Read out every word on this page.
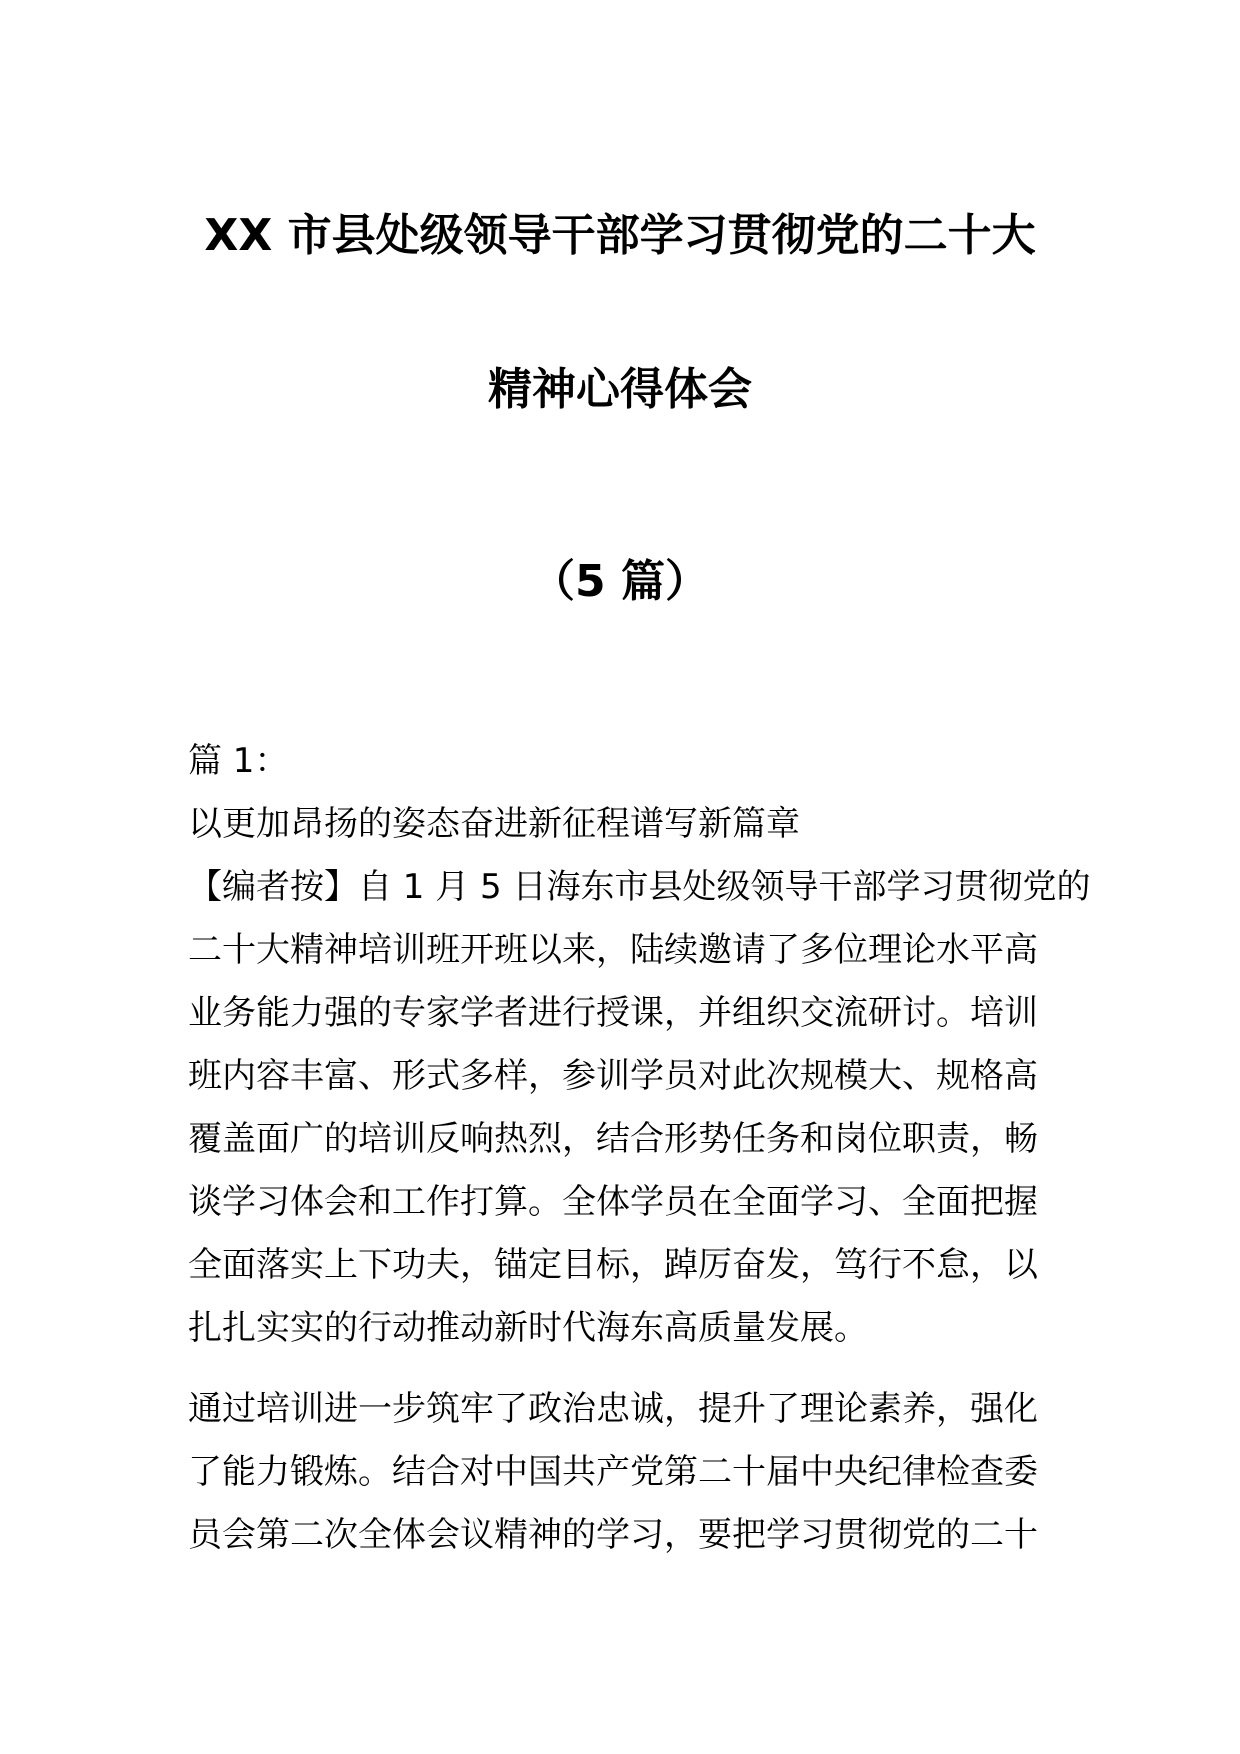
XX 市县处级领导干部学习贯彻党的二十大
精神心得体会
（5 篇）
篇 1：
以更加昂扬的姿态奋进新征程谱写新篇章
【编者按】自 1 月 5 日海东市县处级领导干部学习贯彻党的
二十大精神培训班开班以来，陆续邀请了多位理论水平高
业务能力强的专家学者进行授课，并组织交流研讨。培训
班内容丰富、形式多样，参训学员对此次规模大、规格高
覆盖面广的培训反响热烈，结合形势任务和岗位职责，畅
谈学习体会和工作打算。全体学员在全面学习、全面把握
全面落实上下功夫，锚定目标，踔厉奋发，笃行不怠，以
扎扎实实的行动推动新时代海东高质量发展。
通过培训进一步筑牢了政治忠诚，提升了理论素养，强化
了能力锻炼。结合对中国共产党第二十届中央纪律检查委
员会第二次全体会议精神的学习，要把学习贯彻党的二十
